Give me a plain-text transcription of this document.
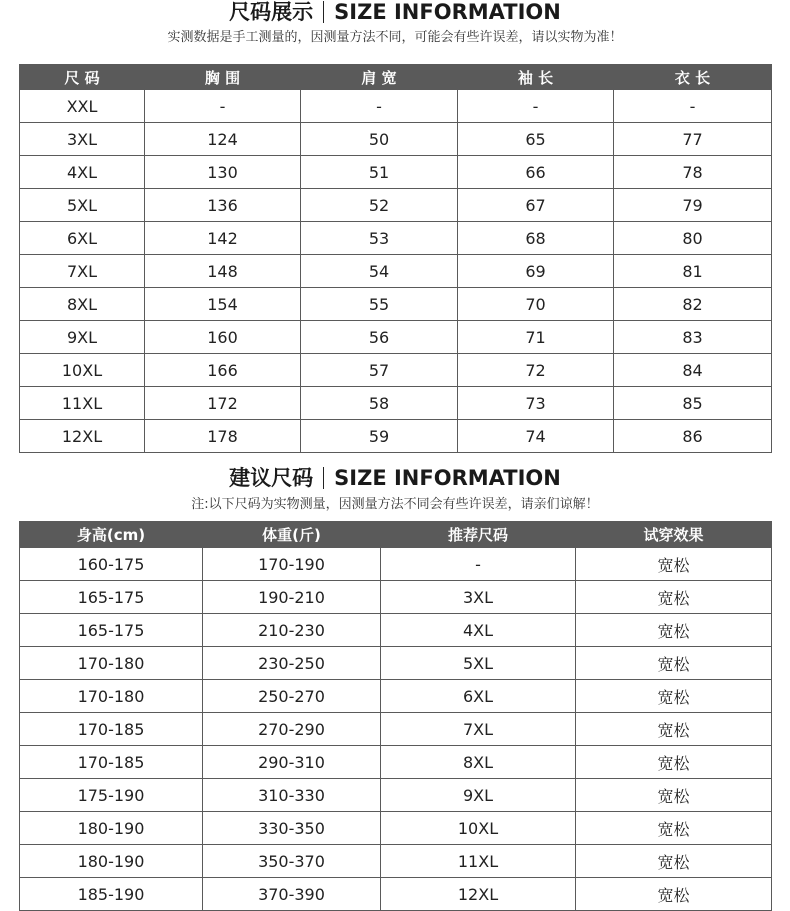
尺码展示 SIZE INFORMATION
实测数据是手工测量的，因测量方法不同，可能会有些许误差，请以实物为准！
尺 码	胸 围	肩 宽	袖 长	衣 长
XXL	-	-	-	-
3XL	124	50	65	77
4XL	130	51	66	78
5XL	136	52	67	79
6XL	142	53	68	80
7XL	148	54	69	81
8XL	154	55	70	82
9XL	160	56	71	83
10XL	166	57	72	84
11XL	172	58	73	85
12XL	178	59	74	86
建议尺码 SIZE INFORMATION
注:以下尺码为实物测量，因测量方法不同会有些许误差，请亲们谅解！
身高(cm)	体重(斤)	推荐尺码	试穿效果
160-175	170-190	-	宽松
165-175	190-210	3XL	宽松
165-175	210-230	4XL	宽松
170-180	230-250	5XL	宽松
170-180	250-270	6XL	宽松
170-185	270-290	7XL	宽松
170-185	290-310	8XL	宽松
175-190	310-330	9XL	宽松
180-190	330-350	10XL	宽松
180-190	350-370	11XL	宽松
185-190	370-390	12XL	宽松
